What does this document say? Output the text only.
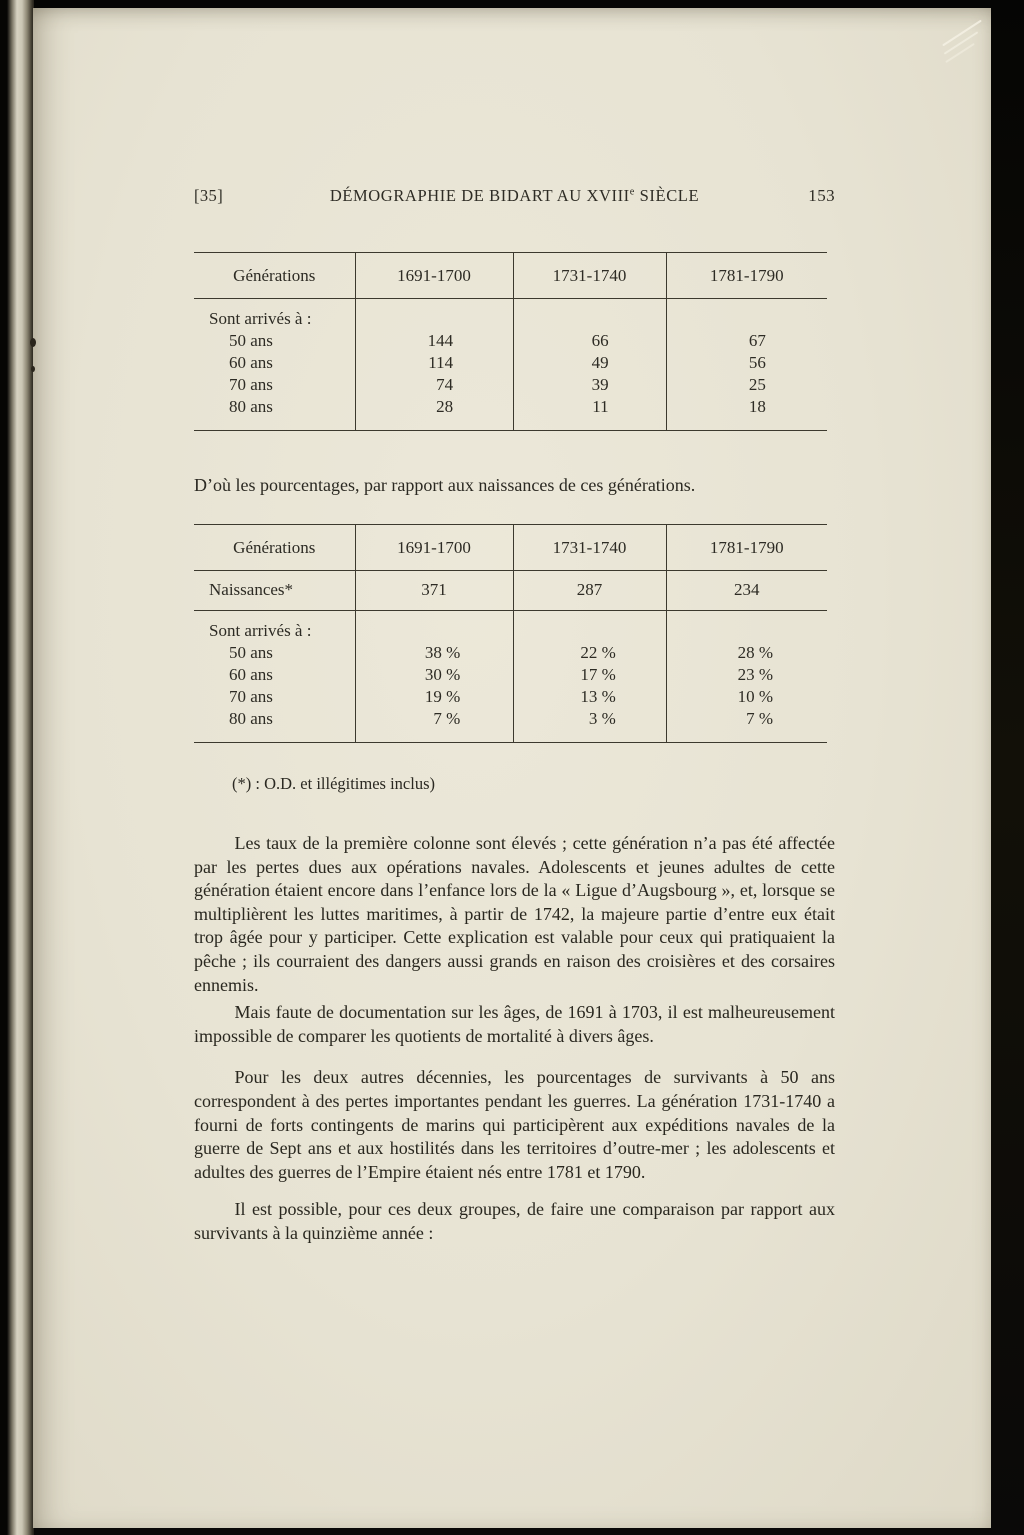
[35]	DÉMOGRAPHIE DE BIDART AU XVIIIe SIÈCLE	153
Générations	1691-1700	1731-1740	1781-1790
Sont arrivés à :			
50 ans	144	66	67
60 ans	114	49	56
70 ans	74	39	25
80 ans	28	11	18

D’où les pourcentages, par rapport aux naissances de ces générations.

Générations	1691-1700	1731-1740	1781-1790
Naissances*	371	287	234
Sont arrivés à :			
50 ans	38 %	22 %	28 %
60 ans	30 %	17 %	23 %
70 ans	19 %	13 %	10 %
80 ans	7 %	3 %	7 %

(*) : O.D. et illégitimes inclus)

Les taux de la première colonne sont élevés ; cette génération n’a pas été affectée par les pertes dues aux opérations navales. Adolescents et jeunes adultes de cette génération étaient encore dans l’enfance lors de la « Ligue d’Augsbourg », et, lorsque se multiplièrent les luttes maritimes, à partir de 1742, la majeure partie d’entre eux était trop âgée pour y participer. Cette explication est valable pour ceux qui pratiquaient la pêche ; ils courraient des dangers aussi grands en raison des croisières et des corsaires ennemis.

Mais faute de documentation sur les âges, de 1691 à 1703, il est malheureusement impossible de comparer les quotients de mortalité à divers âges.

Pour les deux autres décennies, les pourcentages de survivants à 50 ans correspondent à des pertes importantes pendant les guerres. La génération 1731-1740 a fourni de forts contingents de marins qui participèrent aux expéditions navales de la guerre de Sept ans et aux hostilités dans les territoires d’outre-mer ; les adolescents et adultes des guerres de l’Empire étaient nés entre 1781 et 1790.

Il est possible, pour ces deux groupes, de faire une comparaison par rapport aux survivants à la quinzième année :
